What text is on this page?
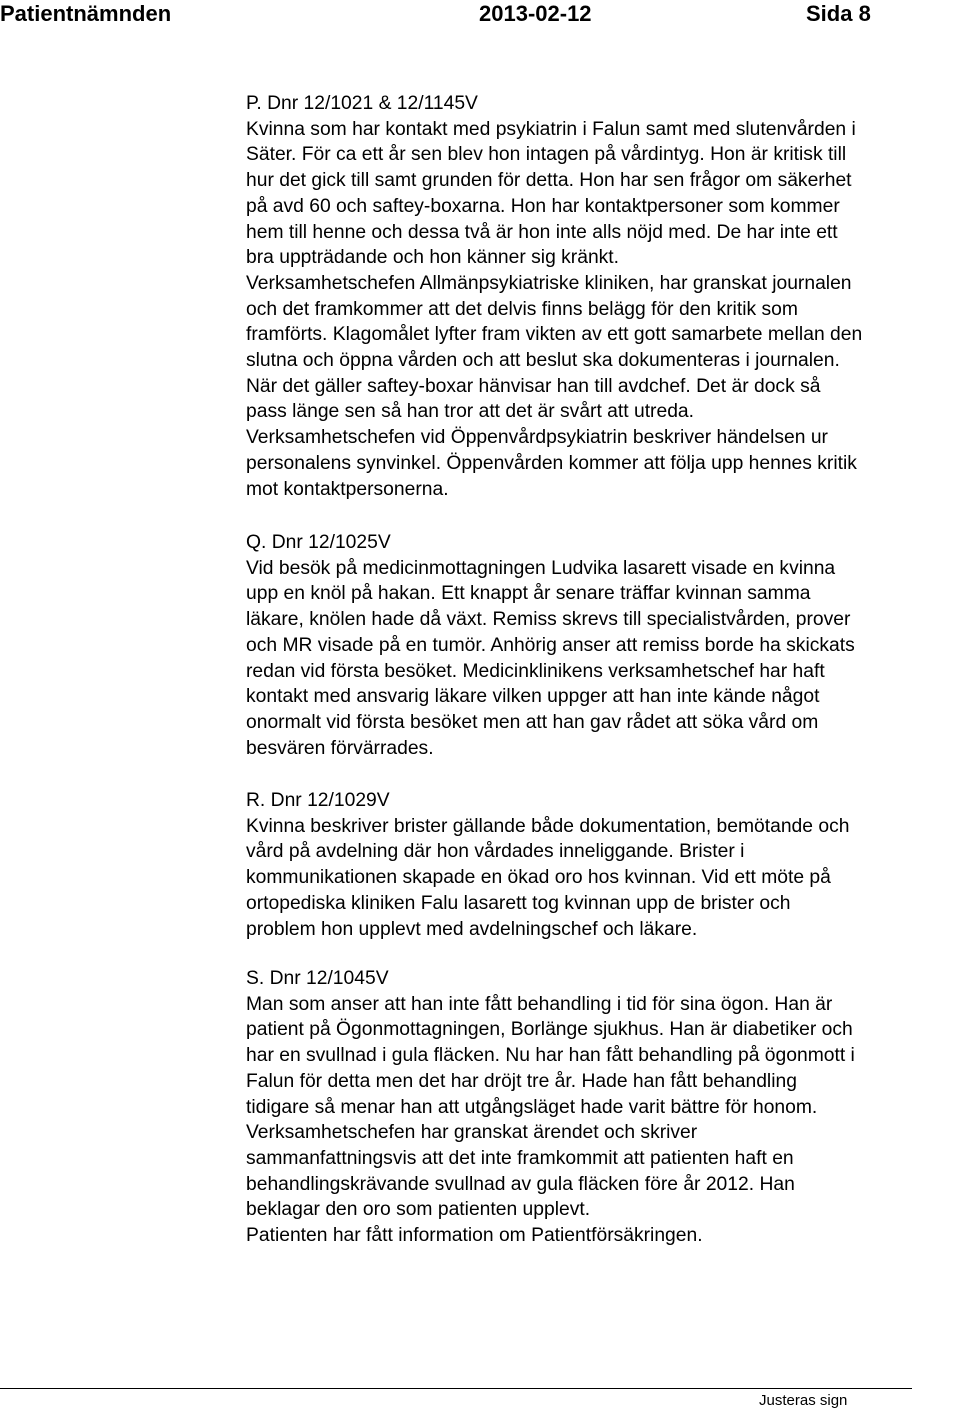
Patientnämnden	2013-02-12	Sida 8

P. Dnr 12/1021 & 12/1145V

Kvinna som har kontakt med psykiatrin i Falun samt med slutenvården i

Säter. För ca ett år sen blev hon intagen på vårdintyg. Hon är kritisk till

hur det gick till samt grunden för detta. Hon har sen frågor om säkerhet

på avd 60 och saftey-boxarna. Hon har kontaktpersoner som kommer

hem till henne och dessa två är hon inte alls nöjd med. De har inte ett

bra uppträdande och hon känner sig kränkt.

Verksamhetschefen Allmänpsykiatriske kliniken, har granskat journalen

och det framkommer att det delvis finns belägg för den kritik som

framförts. Klagomålet lyfter fram vikten av ett gott samarbete mellan den

slutna och öppna vården och att beslut ska dokumenteras i journalen.

När det gäller saftey-boxar hänvisar han till avdchef. Det är dock så

pass länge sen så han tror att det är svårt att utreda.

Verksamhetschefen vid Öppenvårdpsykiatrin beskriver händelsen ur

personalens synvinkel. Öppenvården kommer att följa upp hennes kritik

mot kontaktpersonerna.

Q. Dnr 12/1025V

Vid besök på medicinmottagningen Ludvika lasarett visade en kvinna

upp en knöl på hakan. Ett knappt år senare träffar kvinnan samma

läkare, knölen hade då växt. Remiss skrevs till specialistvården, prover

och MR visade på en tumör. Anhörig anser att remiss borde ha skickats

redan vid första besöket. Medicinklinikens verksamhetschef har haft

kontakt med ansvarig läkare vilken uppger att han inte kände något

onormalt vid första besöket men att han gav rådet att söka vård om

besvären förvärrades.

R. Dnr 12/1029V

Kvinna beskriver brister gällande både dokumentation, bemötande och

vård på avdelning där hon vårdades inneliggande. Brister i

kommunikationen skapade en ökad oro hos kvinnan. Vid ett möte på

ortopediska kliniken Falu lasarett tog kvinnan upp de brister och

problem hon upplevt med avdelningschef och läkare.

S. Dnr 12/1045V

Man som anser att han inte fått behandling i tid för sina ögon. Han är

patient på Ögonmottagningen, Borlänge sjukhus. Han är diabetiker och

har en svullnad i gula fläcken. Nu har han fått behandling på ögonmott i

Falun för detta men det har dröjt tre år. Hade han fått behandling

tidigare så menar han att utgångsläget hade varit bättre för honom.

Verksamhetschefen har granskat ärendet och skriver

sammanfattningsvis att det inte framkommit att patienten haft en

behandlingskrävande svullnad av gula fläcken före år 2012. Han

beklagar den oro som patienten upplevt.

Patienten har fått information om Patientförsäkringen.

Justeras sign
